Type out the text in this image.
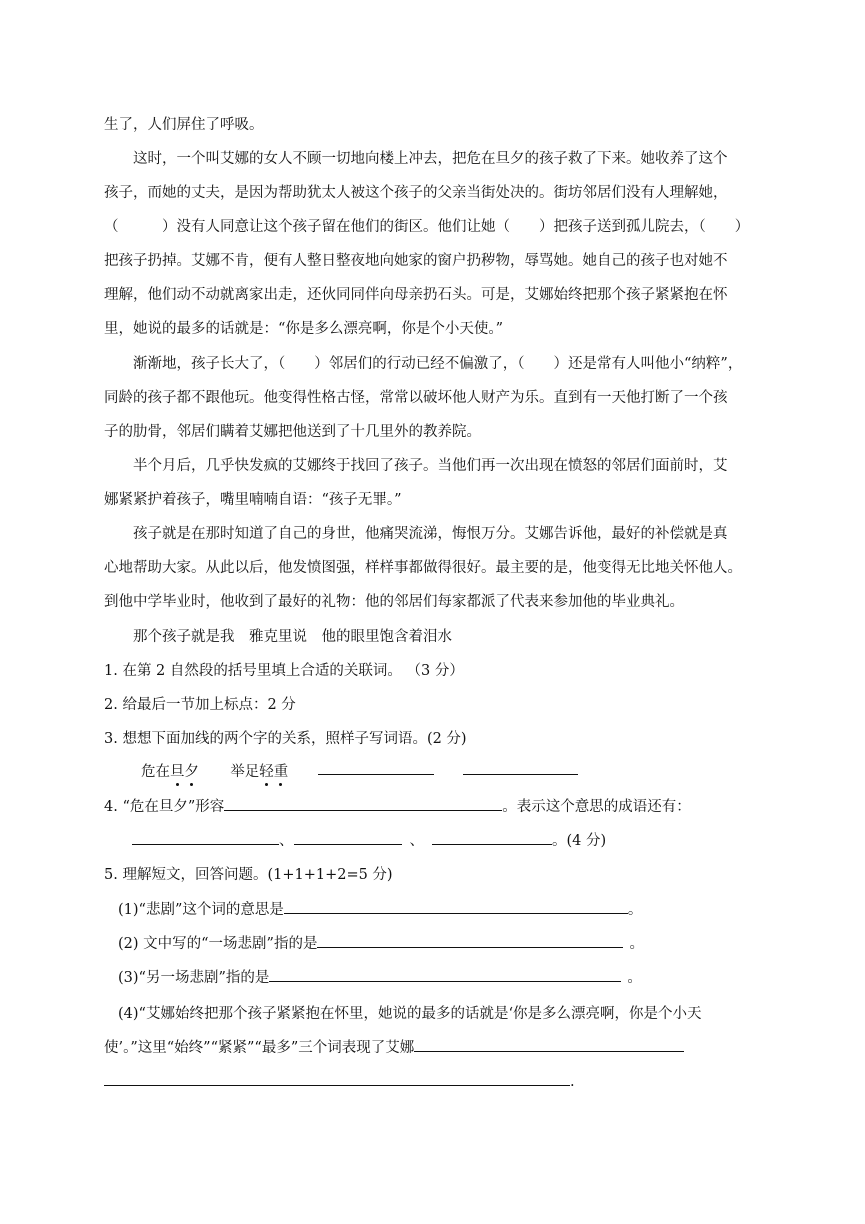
生了，人们屏住了呼吸。
这时，一个叫艾娜的女人不顾一切地向楼上冲去，把危在旦夕的孩子救了下来。她收养了这个
孩子，而她的丈夫，是因为帮助犹太人被这个孩子的父亲当街处决的。街坊邻居们没有人理解她，
（　　　）没有人同意让这个孩子留在他们的街区。他们让她（　　）把孩子送到孤儿院去，（　　）
把孩子扔掉。艾娜不肯，便有人整日整夜地向她家的窗户扔秽物，辱骂她。她自己的孩子也对她不
理解，他们动不动就离家出走，还伙同同伴向母亲扔石头。可是，艾娜始终把那个孩子紧紧抱在怀
里，她说的最多的话就是：“你是多么漂亮啊，你是个小天使。”
渐渐地，孩子长大了，（　　）邻居们的行动已经不偏激了，（　　）还是常有人叫他小“纳粹”，
同龄的孩子都不跟他玩。他变得性格古怪，常常以破坏他人财产为乐。直到有一天他打断了一个孩
子的肋骨，邻居们瞒着艾娜把他送到了十几里外的教养院。
半个月后，几乎快发疯的艾娜终于找回了孩子。当他们再一次出现在愤怒的邻居们面前时，艾
娜紧紧护着孩子，嘴里喃喃自语：“孩子无罪。”
孩子就是在那时知道了自己的身世，他痛哭流涕，悔恨万分。艾娜告诉他，最好的补偿就是真
心地帮助大家。从此以后，他发愤图强，样样事都做得很好。最主要的是，他变得无比地关怀他人。
到他中学毕业时，他收到了最好的礼物：他的邻居们每家都派了代表来参加他的毕业典礼。
那个孩子就是我　雅克里说　他的眼里饱含着泪水
1. 在第 2 自然段的括号里填上合适的关联词。 （3 分）
2. 给最后一节加上标点：2 分
3. 想想下面加线的两个字的关系，照样子写词语。(2 分)
危在旦夕 举足轻重
4. “危在旦夕”形容	。表示这个意思的成语还有：
、	、	。(4 分)
5. 理解短文，回答问题。(1+1+1+2=5 分)
(1)“悲剧”这个词的意思是	。
(2) 文中写的“一场悲剧”指的是	。
(3)“另一场悲剧”指的是	。
(4)“艾娜始终把那个孩子紧紧抱在怀里，她说的最多的话就是‘你是多么漂亮啊，你是个小天
使’。”这里“始终”“紧紧”“最多”三个词表现了艾娜
.
